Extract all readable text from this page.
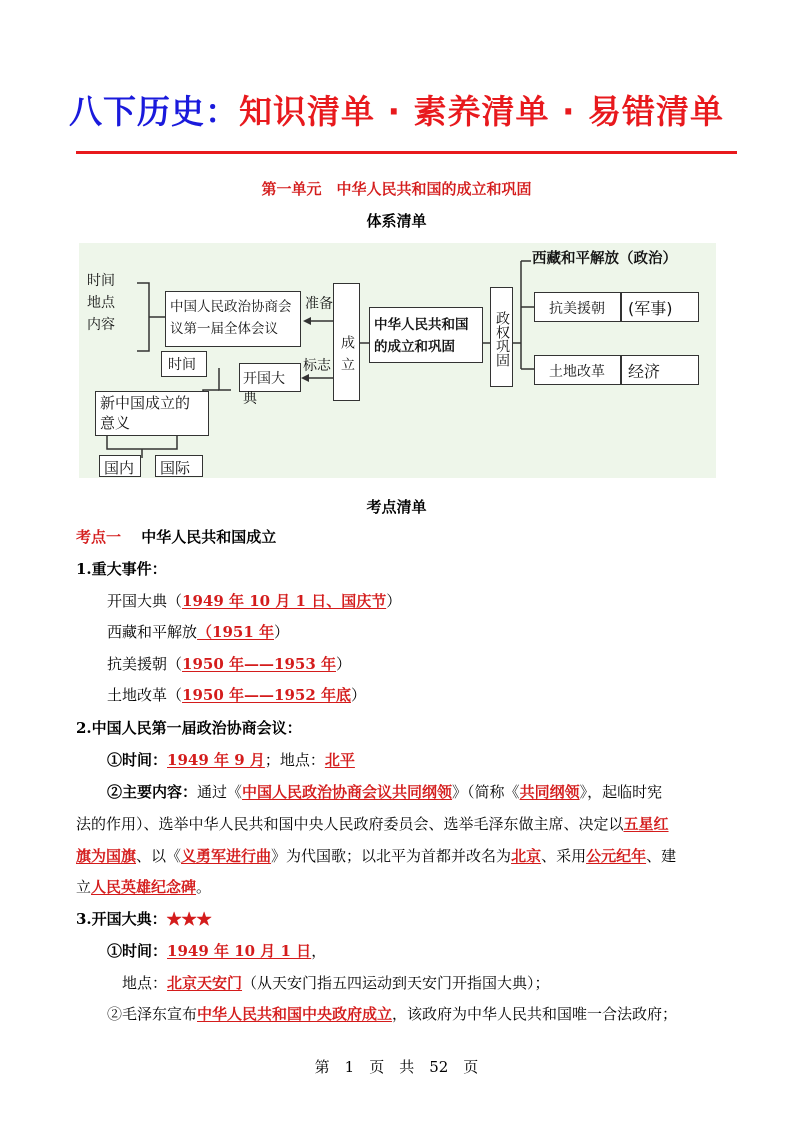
八下历史：知识清单 · 素养清单 · 易错清单
第一单元　中华人民共和国的成立和巩固
体系清单
时间
地点
内容
中国人民政治协商会议第一届全体会议
准备
标志 成立
中华人民共和国的成立和巩固	政权巩固
西藏和平解放（政治）
抗美援朝	(军事)
土地改革	经济
时间
开国大典
新中国成立的意义
国内	国际
考点清单
考点一　 中华人民共和国成立
1.重大事件：
开国大典（1949 年 10 月 1 日、国庆节）
西藏和平解放（1951 年）
抗美援朝（1950 年——1953 年）
土地改革（1950 年——1952 年底）
2.中国人民第一届政治协商会议：
①时间：1949 年 9 月；地点：北平
②主要内容：通过《中国人民政治协商会议共同纲领》（简称《共同纲领》，起临时宪
法的作用）、选举中华人民共和国中央人民政府委员会、选举毛泽东做主席、决定以五星红
旗为国旗、以《义勇军进行曲》为代国歌；以北平为首都并改名为北京、采用公元纪年、建
立人民英雄纪念碑。
3.开国大典：★★★
①时间：1949 年 10 月 1 日，
地点：北京天安门（从天安门指五四运动到天安门开指国大典）；
②毛泽东宣布中华人民共和国中央政府成立，该政府为中华人民共和国唯一合法政府；
第　1　页　共　52　页
